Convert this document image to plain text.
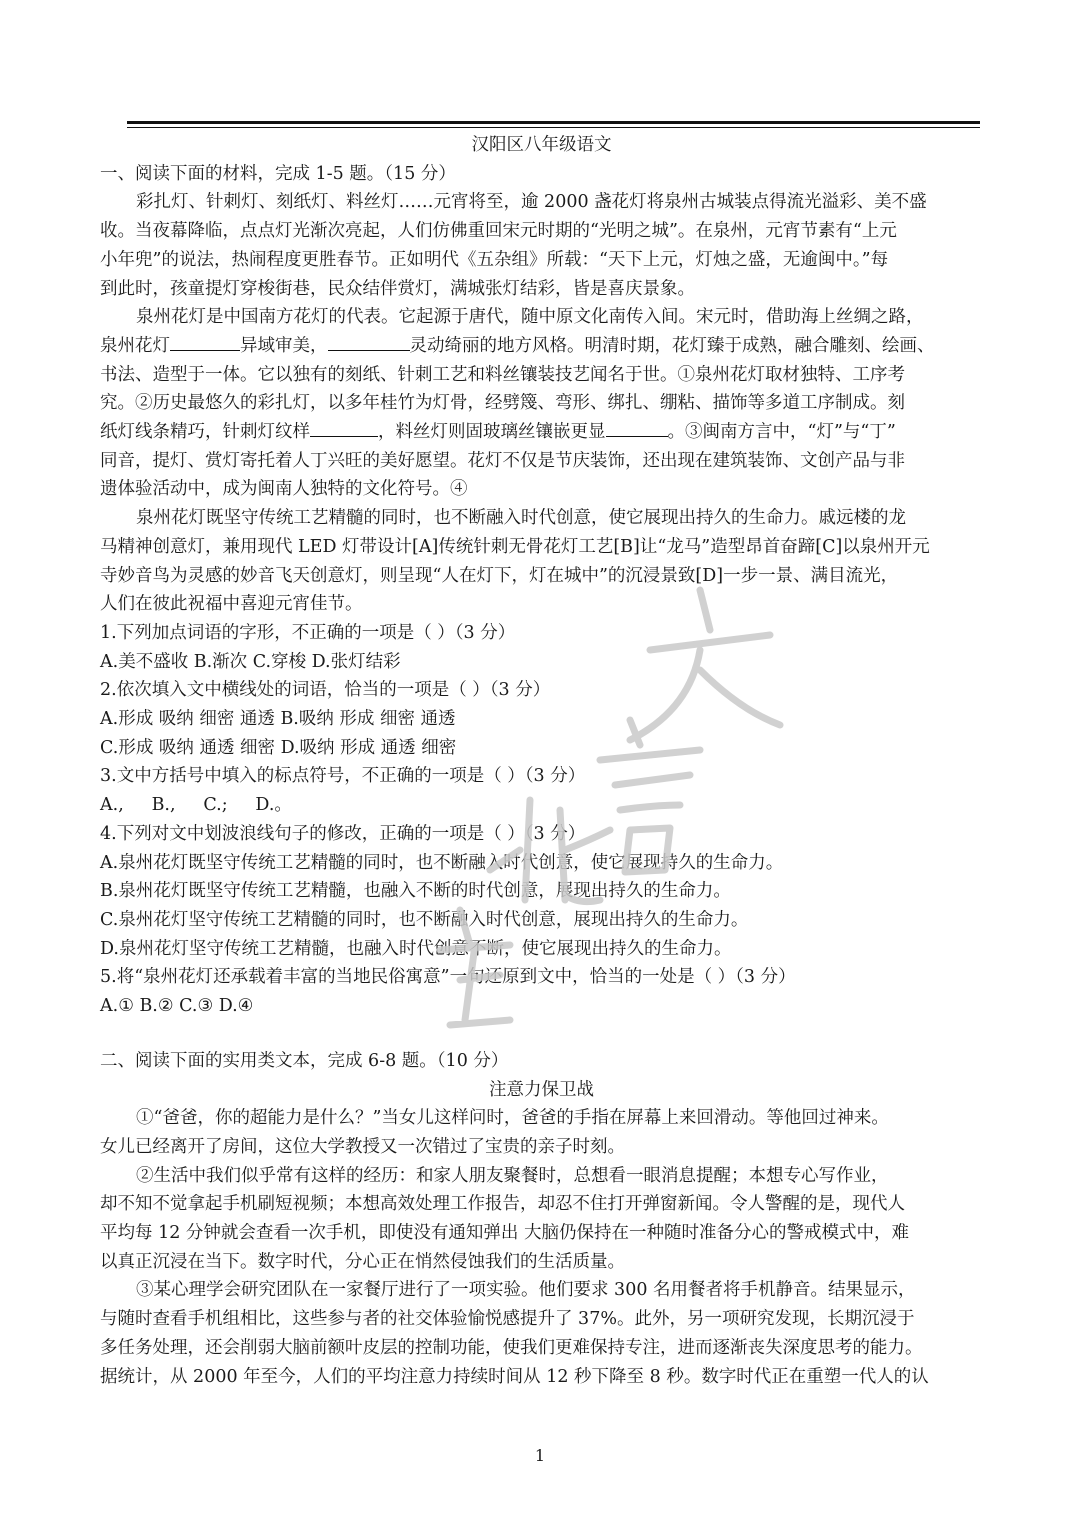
汉阳区八年级语文

一、阅读下面的材料，完成 1-5 题。（15 分）

彩扎灯、针刺灯、刻纸灯、料丝灯……元宵将至，逾 2000 盏花灯将泉州古城装点得流光溢彩、美不盛

收。当夜幕降临，点点灯光渐次亮起，人们仿佛重回宋元时期的“光明之城”。在泉州，元宵节素有“上元

小年兜”的说法，热闹程度更胜春节。正如明代《五杂组》所载：“天下上元，灯烛之盛，无逾闽中。”每

到此时，孩童提灯穿梭街巷，民众结伴赏灯，满城张灯结彩，皆是喜庆景象。

泉州花灯是中国南方花灯的代表。它起源于唐代，随中原文化南传入间。宋元时，借助海上丝绸之路，

泉州花灯	异域审美，	灵动绮丽的地方风格。明清时期，花灯臻于成熟，融合雕刻、绘画、

书法、造型于一体。它以独有的刻纸、针刺工艺和料丝镶装技艺闻名于世。①泉州花灯取材独特、工序考

究。②历史最悠久的彩扎灯，以多年桂竹为灯骨，经劈篾、弯形、绑扎、绷粘、描饰等多道工序制成。刻

纸灯线条精巧，针刺灯纹样	，料丝灯则固玻璃丝镶嵌更显	。③闽南方言中，“灯”与“丁”

同音，提灯、赏灯寄托着人丁兴旺的美好愿望。花灯不仅是节庆装饰，还出现在建筑装饰、文创产品与非

遗体验活动中，成为闽南人独特的文化符号。④

泉州花灯既坚守传统工艺精髓的同时，也不断融入时代创意，使它展现出持久的生命力。戚远楼的龙

马精神创意灯，兼用现代 LED 灯带设计[A]传统针刺无骨花灯工艺[B]让“龙马”造型昂首奋蹄[C]以泉州开元

寺妙音鸟为灵感的妙音飞天创意灯，则呈现“人在灯下，灯在城中”的沉浸景致[D]一步一景、满目流光，

人们在彼此祝福中喜迎元宵佳节。

1.下列加点词语的字形，不正确的一项是（ ）（3 分）

A.美不盛收 B.渐次 C.穿梭 D.张灯结彩

2.依次填入文中横线处的词语，恰当的一项是（ ）（3 分）

A.形成 吸纳 细密 通透 B.吸纳 形成 细密 通透

C.形成 吸纳 通透 细密 D.吸纳 形成 通透 细密

3.文中方括号中填入的标点符号，不正确的一项是（ ）（3 分）

A.,     B.,     C.;     D.。

4.下列对文中划波浪线句子的修改，正确的一项是（ ）（3 分）

A.泉州花灯既坚守传统工艺精髓的同时，也不断融入时代创意，使它展现持久的生命力。

B.泉州花灯既坚守传统工艺精髓，也融入不断的时代创意，展现出持久的生命力。

C.泉州花灯坚守传统工艺精髓的同时，也不断融入时代创意，展现出持久的生命力。

D.泉州花灯坚守传统工艺精髓，也融入时代创意不断，使它展现出持久的生命力。

5.将“泉州花灯还承载着丰富的当地民俗寓意”一句还原到文中，恰当的一处是（ ）（3 分）

A.① B.② C.③ D.④

二、阅读下面的实用类文本，完成 6-8 题。（10 分）

注意力保卫战

①“爸爸，你的超能力是什么？”当女儿这样问时，爸爸的手指在屏幕上来回滑动。等他回过神来。

女儿已经离开了房间，这位大学教授又一次错过了宝贵的亲子时刻。

②生活中我们似乎常有这样的经历：和家人朋友聚餐时，总想看一眼消息提醒；本想专心写作业，

却不知不觉拿起手机刷短视频；本想高效处理工作报告，却忍不住打开弹窗新闻。令人警醒的是，现代人

平均每 12 分钟就会查看一次手机，即使没有通知弹出 大脑仍保持在一种随时准备分心的警戒模式中，难

以真正沉浸在当下。数字时代，分心正在悄然侵蚀我们的生活质量。

③某心理学会研究团队在一家餐厅进行了一项实验。他们要求 300 名用餐者将手机静音。结果显示，

与随时查看手机组相比，这些参与者的社交体验愉悦感提升了 37%。此外，另一项研究发现，长期沉浸于

多任务处理，还会削弱大脑前额叶皮层的控制功能，使我们更难保持专注，进而逐渐丧失深度思考的能力。

据统计，从 2000 年至今，人们的平均注意力持续时间从 12 秒下降至 8 秒。数字时代正在重塑一代人的认

1
